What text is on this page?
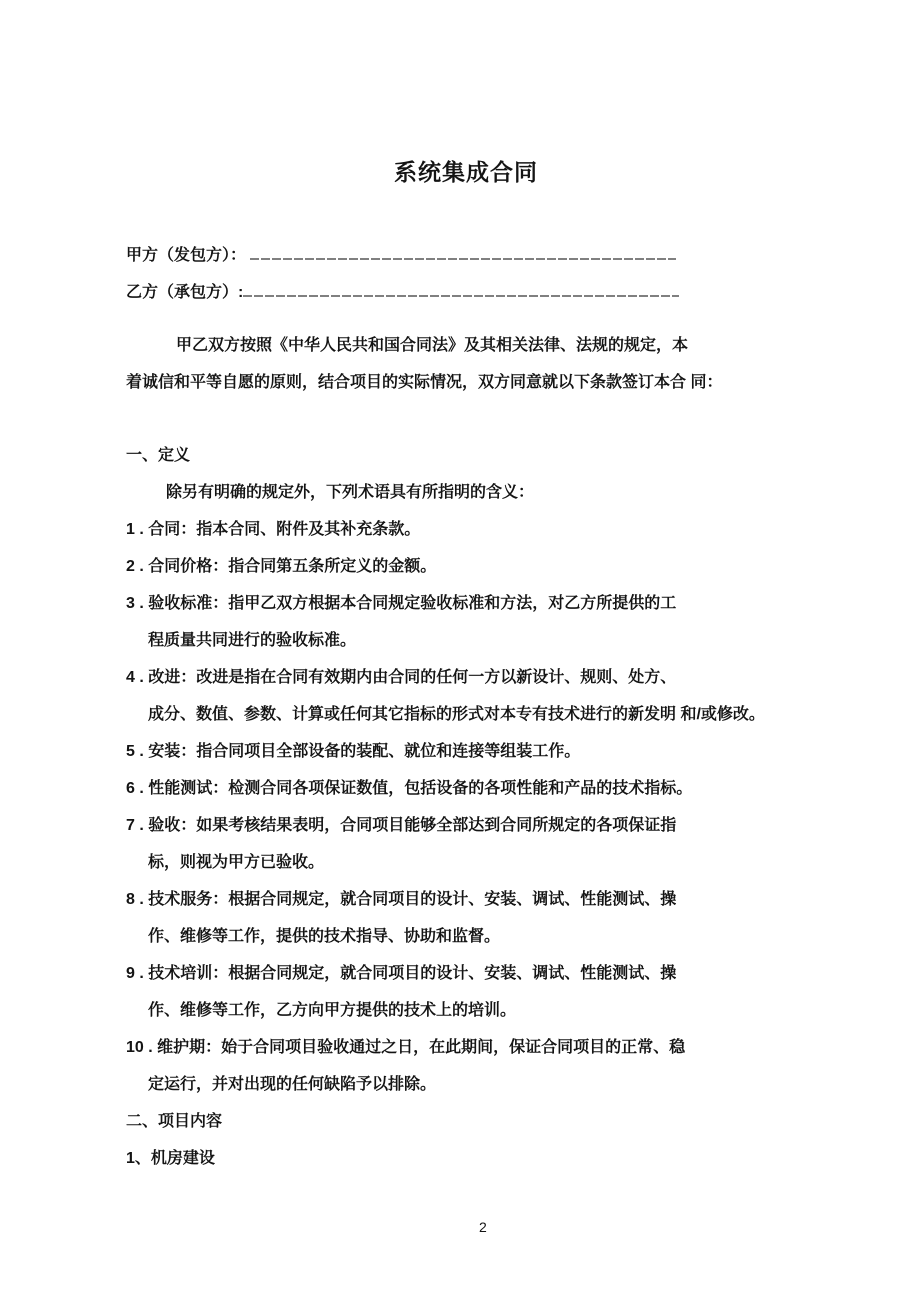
系统集成合同
甲方（发包方）：
乙方（承包方）:
甲乙双方按照《中华人民共和国合同法》及其相关法律、法规的规定，本
着诚信和平等自愿的原则，结合项目的实际情况，双方同意就以下条款签订本合 同：
一、定义
除另有明确的规定外，下列术语具有所指明的含义：
1 . 合同：指本合同、附件及其补充条款。
2 . 合同价格：指合同第五条所定义的金额。
3 . 验收标准：指甲乙双方根据本合同规定验收标准和方法，对乙方所提供的工
程质量共同进行的验收标准。
4 . 改进：改进是指在合同有效期内由合同的任何一方以新设计、规则、处方、
成分、数值、参数、计算或任何其它指标的形式对本专有技术进行的新发明 和/或修改。
5 . 安装：指合同项目全部设备的装配、就位和连接等组装工作。
6 . 性能测试：检测合同各项保证数值，包括设备的各项性能和产品的技术指标。
7 . 验收：如果考核结果表明，合同项目能够全部达到合同所规定的各项保证指
标，则视为甲方已验收。
8 . 技术服务：根据合同规定，就合同项目的设计、安装、调试、性能测试、操
作、维修等工作，提供的技术指导、协助和监督。
9 . 技术培训：根据合同规定，就合同项目的设计、安装、调试、性能测试、操
作、维修等工作，乙方向甲方提供的技术上的培训。
10 . 维护期：始于合同项目验收通过之日，在此期间，保证合同项目的正常、稳
定运行，并对出现的任何缺陷予以排除。
二、项目内容
1、机房建设
2
